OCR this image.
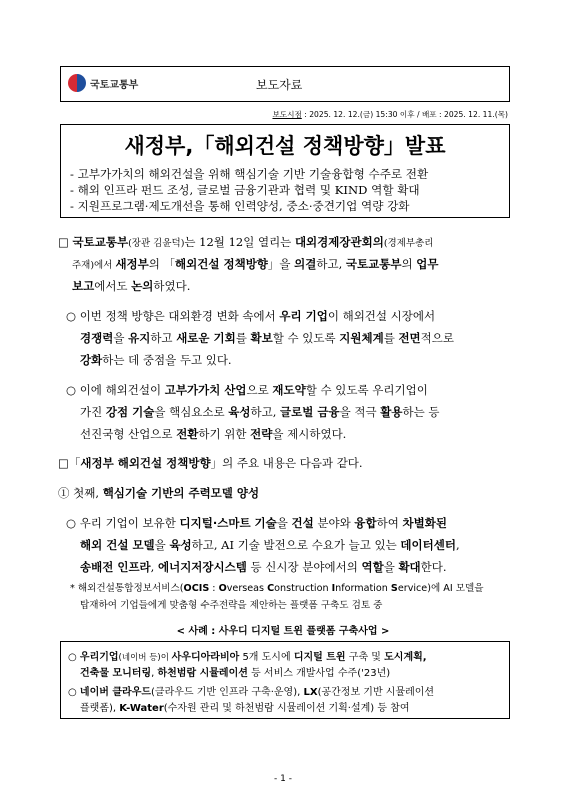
국토교통부	보도자료
보도시점 : 2025. 12. 12.(금) 15:30 이후 / 배포 : 2025. 12. 11.(목)
새정부,「해외건설 정책방향」발표
- 고부가가치의 해외건설을 위해 핵심기술 기반 기술융합형 수주로 전환
- 해외 인프라 펀드 조성, 글로벌 금융기관과 협력 및 KIND 역할 확대
- 지원프로그램·제도개선을 통해 인력양성, 중소·중견기업 역량 강화
□ 국토교통부(장관 김윤덕)는 12월 12일 열리는 대외경제장관회의(경제부총리
주재)에서 새정부의 「해외건설 정책방향」을 의결하고, 국토교통부의 업무
보고에서도 논의하였다.
○ 이번 정책 방향은 대외환경 변화 속에서 우리 기업이 해외건설 시장에서
경쟁력을 유지하고 새로운 기회를 확보할 수 있도록 지원체계를 전면적으로
강화하는 데 중점을 두고 있다.
○ 이에 해외건설이 고부가가치 산업으로 재도약할 수 있도록 우리기업이
가진 강점 기술을 핵심요소로 육성하고, 글로벌 금융을 적극 활용하는 등
선진국형 산업으로 전환하기 위한 전략을 제시하였다.
□「새정부 해외건설 정책방향」의 주요 내용은 다음과 같다.
① 첫째, 핵심기술 기반의 주력모델 양성
○ 우리 기업이 보유한 디지털·스마트 기술을 건설 분야와 융합하여 차별화된
해외 건설 모델을 육성하고, AI 기술 발전으로 수요가 늘고 있는 데이터센터,
송배전 인프라, 에너지저장시스템 등 신시장 분야에서의 역할을 확대한다.
* 해외건설통합정보서비스(OCIS : Overseas Construction Information Service)에 AI 모델을
탑재하여 기업들에게 맞춤형 수주전략을 제안하는 플랫폼 구축도 검토 중
< 사례 : 사우디 디지털 트윈 플랫폼 구축사업 >
○ 우리기업(네이버 등)이 사우디아라비아 5개 도시에 디지털 트윈 구축 및 도시계획,
건축물 모니터링, 하천범람 시뮬레이션 등 서비스 개발사업 수주('23년)
○ 네이버 클라우드(클라우드 기반 인프라 구축·운영), LX(공간정보 기반 시뮬레이션
플랫폼), K-Water(수자원 관리 및 하천범람 시뮬레이션 기획·설계) 등 참여
- 1 -
